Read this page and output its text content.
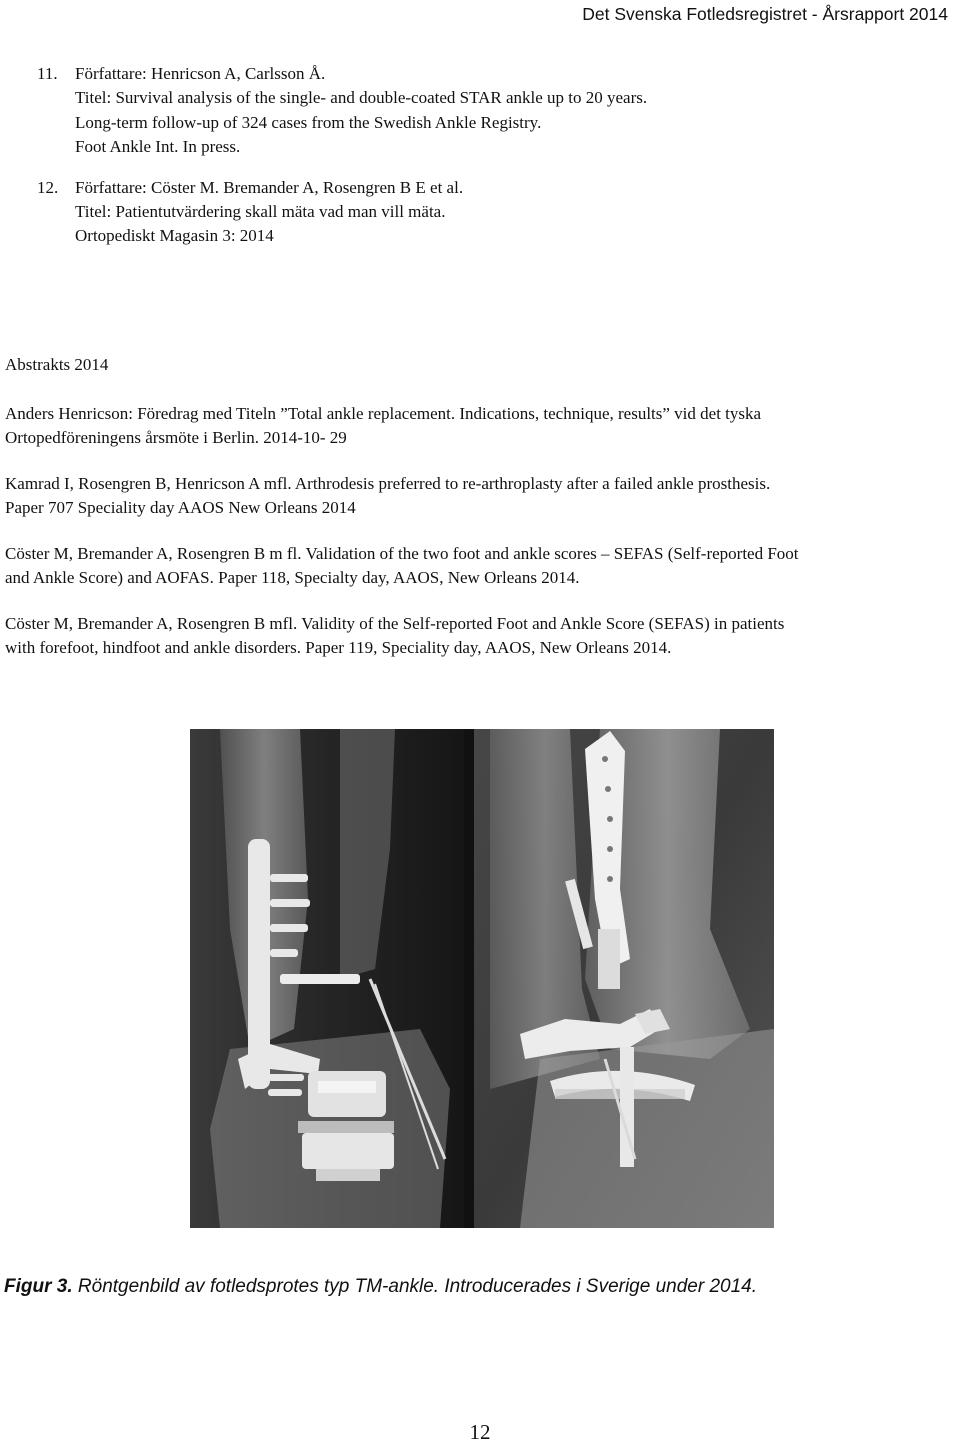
Det Svenska Fotledsregistret - Årsrapport 2014
11. Författare: Henricson A, Carlsson Å.
Titel: Survival analysis of the single- and double-coated STAR ankle up to 20 years.
Long-term follow-up of 324 cases from the Swedish Ankle Registry.
Foot Ankle Int. In press.
12. Författare: Cöster M. Bremander A, Rosengren B E et al.
Titel: Patientutvärdering skall mäta vad man vill mäta.
Ortopediskt Magasin 3: 2014
Abstrakts 2014
Anders Henricson: Föredrag med Titeln ”Total ankle replacement. Indications, technique, results” vid det tyska
Ortopedföreningens årsmöte i Berlin. 2014-10- 29
Kamrad I, Rosengren B, Henricson A mfl. Arthrodesis preferred to re-arthroplasty after a failed ankle prosthesis.
Paper 707 Speciality day AAOS New Orleans 2014
Cöster M, Bremander A, Rosengren B m fl. Validation of the two foot and ankle scores – SEFAS (Self-reported Foot
and Ankle Score) and AOFAS. Paper 118, Specialty day, AAOS, New Orleans 2014.
Cöster M, Bremander A, Rosengren B mfl. Validity of the Self-reported Foot and Ankle Score (SEFAS) in patients
with forefoot, hindfoot and ankle disorders. Paper 119, Speciality day, AAOS, New Orleans 2014.
Figur 3. Röntgenbild av fotledsprotes typ TM-ankle. Introducerades i Sverige under 2014.
12
